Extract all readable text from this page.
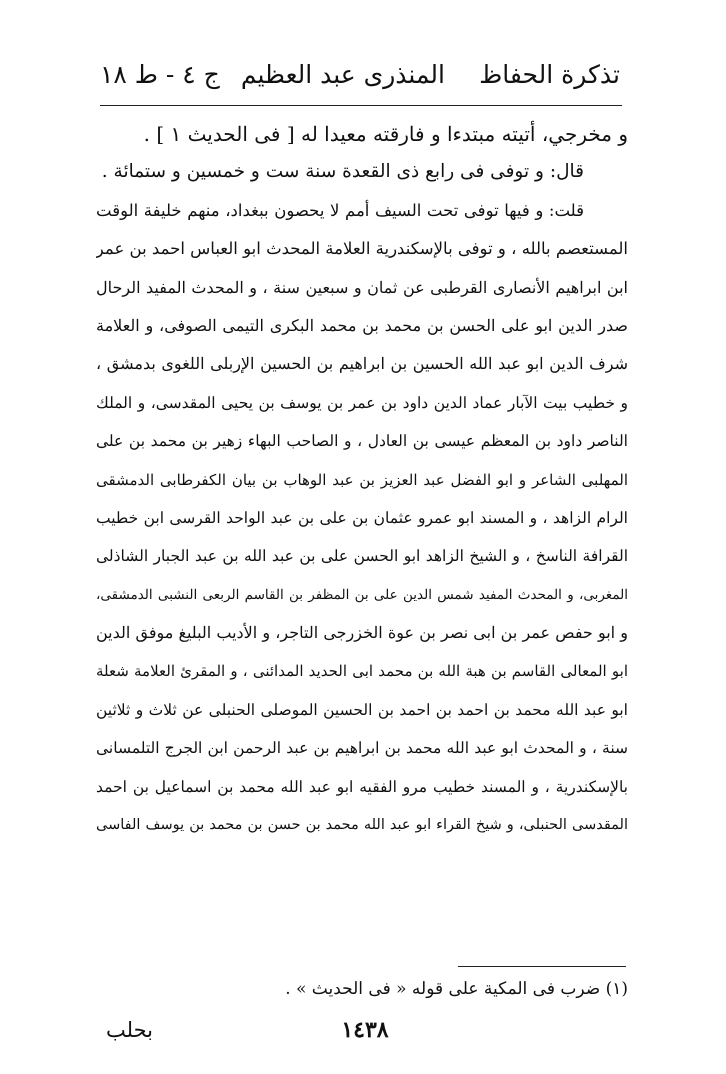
تذكرة الحفاظ
المنذرى عبد العظيم
ج ٤ - ط ١٨
و مخرجي، أتيته مبتدءا و فارقته معيدا له [ فى الحديث ١ ] .
قال: و توفى فى رابع ذى القعدة سنة ست و خمسين و ستمائة .
قلت: و فيها توفى تحت السيف أمم لا يحصون ببغداد، منهم خليفة الوقت
المستعصم بالله ، و توفى بالإسكندرية العلامة المحدث ابو العباس احمد بن عمر
ابن ابراهيم الأنصارى القرطبى عن ثمان و سبعين سنة ، و المحدث المفيد الرحال
صدر الدين ابو على الحسن بن محمد بن محمد البكرى التيمى الصوفى، و العلامة
شرف الدين ابو عبد الله الحسين بن ابراهيم بن الحسين الإربلى اللغوى بدمشق ،
و خطيب بيت الآبار عماد الدين داود بن عمر بن يوسف بن يحيى المقدسى، و الملك
الناصر داود بن المعظم عيسى بن العادل ، و الصاحب البهاء زهير بن محمد بن على
المهلبى الشاعر و ابو الفضل عبد العزيز بن عبد الوهاب بن بيان الكفرطابى الدمشقى
الرام الزاهد ، و المسند ابو عمرو عثمان بن على بن عبد الواحد القرسى ابن خطيب
القرافة الناسخ ، و الشيخ الزاهد ابو الحسن على بن عبد الله بن عبد الجبار الشاذلى
المغربى، و المحدث المفيد شمس الدين على بن المظفر بن القاسم الربعى النشبى الدمشقى،
و ابو حفص عمر بن ابى نصر بن عوة الخزرجى التاجر، و الأديب البليغ موفق الدين
ابو المعالى القاسم بن هبة الله بن محمد ابى الحديد المدائنى ، و المقرئ العلامة شعلة
ابو عبد الله محمد بن احمد بن احمد بن الحسين الموصلى الحنبلى عن ثلاث و ثلاثين
سنة ، و المحدث ابو عبد الله محمد بن ابراهيم بن عبد الرحمن ابن الجرج التلمسانى
بالإسكندرية ، و المسند خطيب مرو الفقيه ابو عبد الله محمد بن اسماعيل بن احمد
المقدسى الحنبلى، و شيخ القراء ابو عبد الله محمد بن حسن بن محمد بن يوسف الفاسى
(١) ضرب فى المكية على قوله « فى الحديث » .
١٤٣٨
بحلب
